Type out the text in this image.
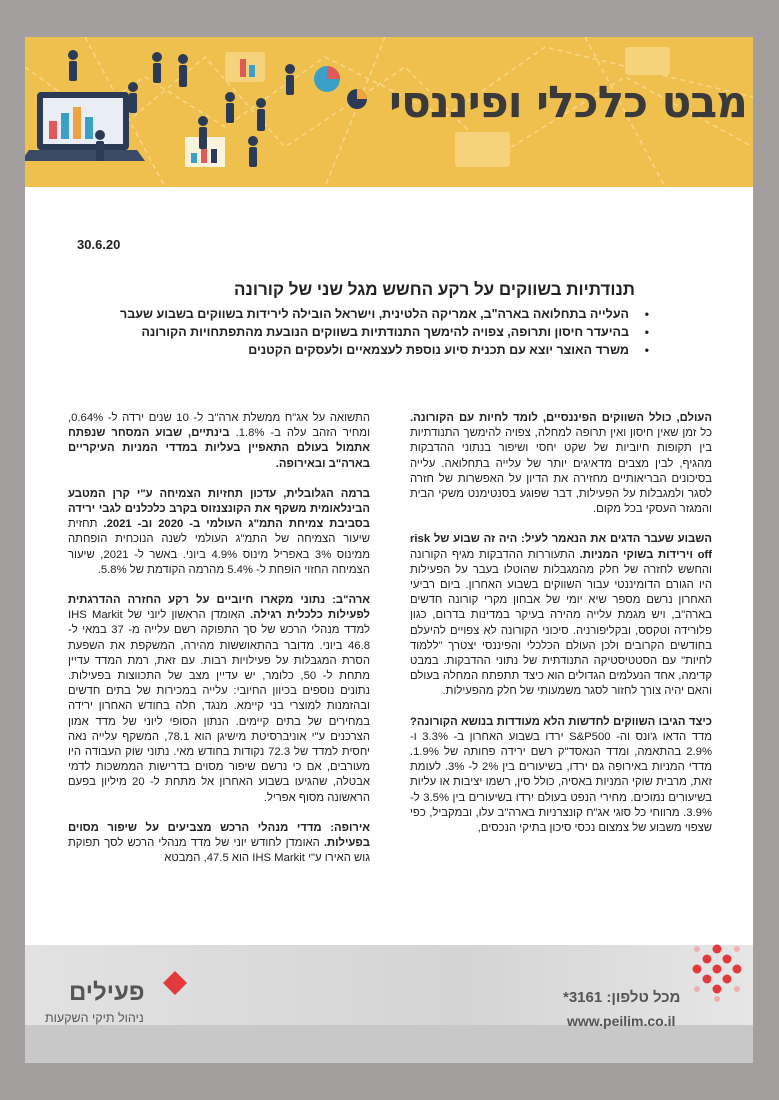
מבט כלכלי ופיננסי
30.6.20
תנודתיות בשווקים על רקע החשש מגל שני של קורונה
• העלייה בתחלואה בארה"ב, אמריקה הלטינית, וישראל הובילה לירידות בשווקים בשבוע שעבר
• בהיעדר חיסון ותרופה, צפויה להימשך התנודתיות בשווקים הנובעת מהתפתחויות הקורונה
• משרד האוצר יוצא עם תכנית סיוע נוספת לעצמאיים ולעסקים הקטנים

העולם, כולל השווקים הפיננסיים, לומד לחיות עם הקורונה. כל זמן שאין חיסון ואין תרופה למחלה, צפויה להימשך התנודתיות בין תקופות חיוביות של שקט יחסי ושיפור בנתוני ההדבקות מהגיף, לבין מצבים מדאיגים יותר של עלייה בתחלואה. עלייה בסיכונים הבריאותיים מחזירה את הדיון על האפשרות של חזרה לסגר ולמגבלות על הפעילות, דבר שפוגע בסנטימנט משקי הבית והמגזר העסקי בכל מקום.

השבוע שעבר הדגים את הנאמר לעיל: היה זה שבוע של risk off וירידות בשוקי המניות. התעוררות ההדבקות מגיף הקורונה והחשש לחזרה של חלק מהמגבלות שהוטלו בעבר על הפעילות היו הגורם הדומיננטי עבור השווקים בשבוע האחרון. ביום רביעי האחרון נרשם מספר שיא יומי של אבחון מקרי קורונה חדשים בארה"ב, ויש מגמת עלייה מהירה בעיקר במדינות בדרום, כגון פלורידה וטקסס, ובקליפורניה. סיכוני הקורונה לא צפויים להיעלם בחודשים הקרובים ולכן העולם הכלכלי והפיננסי יצטרך "ללמוד לחיות" עם הסטטיסטיקה התנודתית של נתוני ההדבקות. במבט קדימה, אחד הנעלמים הגדולים הוא כיצד תתפתח המחלה בעולם והאם יהיה צורך לחזור לסגר משמעותי של חלק מהפעילות.

כיצד הגיבו השווקים לחדשות הלא מעודדות בנושא הקורונה? מדד הדאו ג'ונס וה- S&P500 ירדו בשבוע האחרון ב- 3.3% ו- 2.9% בהתאמה, ומדד הנאסד"ק רשם ירידה פחותה של 1.9%. מדדי המניות באירופה גם ירדו, בשיעורים בין 2% ל- 3%. לעומת זאת, מרבית שוקי המניות באסיה, כולל סין, רשמו יציבות או עליות בשיעורים נמוכים. מחירי הנפט בעולם ירדו בשיעורים בין 3.5% ל- 3.9%. מרווחי כל סוגי אג"ח קונצרניות בארה"ב עלו, ובמקביל, כפי שצפוי משבוע של צמצום נכסי סיכון בתיקי הנכסים,

התשואה על אג"ח ממשלת ארה"ב ל- 10 שנים ירדה ל- 0.64%, ומחיר הזהב עלה ב- 1.8%. בינתיים, שבוע המסחר שנפתח אתמול בעולם התאפיין בעליות במדדי המניות העיקריים בארה"ב ובאירופה.

ברמה הגלובלית, עדכון תחזיות הצמיחה ע"י קרן המטבע הבינלאומית משקף את הקונצנזוס בקרב כלכלנים לגבי ירידה בסביבת צמיחת התמ"ג העולמי ב- 2020 וב- 2021. תחזית שיעור הצמיחה של התמ"ג העולמי לשנה הנוכחית הופחתה ממינוס 3% באפריל מינוס 4.9% ביוני. באשר ל- 2021, שיעור הצמיחה החזוי הופחת ל- 5.4% מהרמה הקודמת של 5.8%.

ארה"ב: נתוני מקארו חיוביים על רקע החזרה ההדרגתית לפעילות כלכלית רגילה. האומדן הראשון ליוני של IHS Markit למדד מנהלי הרכש של סך התפוקה רשם עלייה מ- 37 במאי ל- 46.8 ביוני. מדובר בהתאוששות מהירה, המשקפת את השפעת הסרת המגבלות על פעילויות רבות. עם זאת, רמת המדד עדיין מתחת ל- 50, כלומר, יש עדיין מצב של התכווצות בפעילות. נתונים נוספים בכיוון החיובי: עלייה במכירות של בתים חדשים ובהזמנות למוצרי בני קיימא. מנגד, חלה בחודש האחרון ירידה במחירים של בתים קיימים. הנתון הסופי ליוני של מדד אמון הצרכנים ע"י אוניברסיטת מישיגן הוא 78.1, המשקף עלייה נאה יחסית למדד של 72.3 נקודות בחודש מאי. נתוני שוק העבודה היו מעורבים, אם כי נרשם שיפור מסוים בדרישות הממשכות לדמי אבטלה, שהגיעו בשבוע האחרון אל מתחת ל- 20 מיליון בפעם הראשונה מסוף אפריל.

אירופה: מדדי מנהלי הרכש מצביעים על שיפור מסוים בפעילות. האומדן לחודש יוני של מדד מנהלי הרכש לסך תפוקת גוש האירו ע"י IHS Markit הוא 47.5, המבטא

פעילים
ניהול תיקי השקעות
מכל טלפון: 3161*
www.peilim.co.il
